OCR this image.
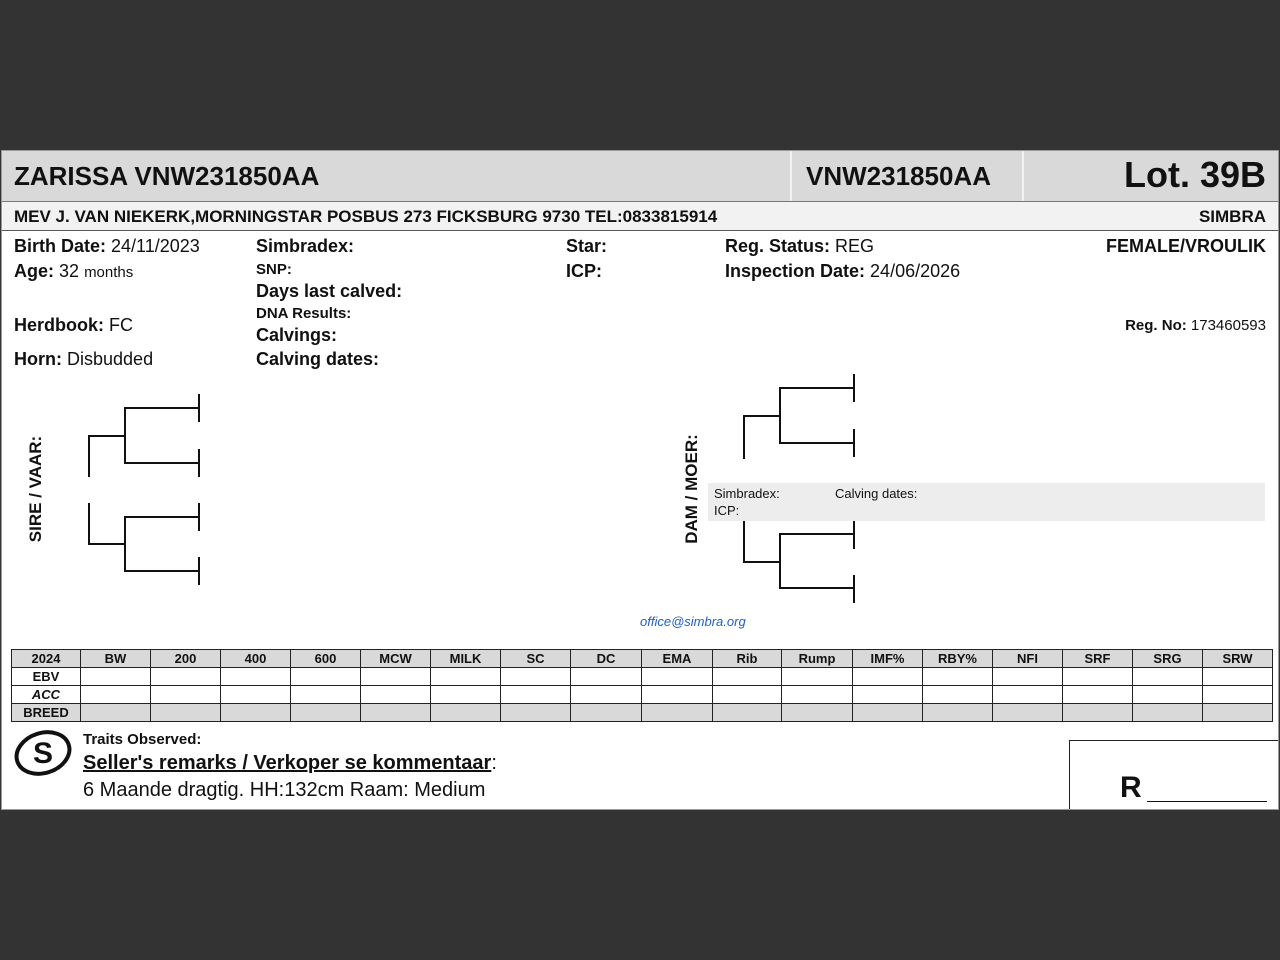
ZARISSA VNW231850AA	VNW231850AA	Lot. 39B
MEV J. VAN NIEKERK,MORNINGSTAR POSBUS 273 FICKSBURG 9730 TEL:0833815914	SIMBRA
Birth Date: 24/11/2023
Age: 32 months
Herdbook: FC
Horn: Disbudded
Simbradex:
SNP:
Days last calved:
DNA Results:
Calvings:
Calving dates:
Star:
ICP:
Reg. Status: REG
Inspection Date: 24/06/2026
FEMALE/VROULIK
Reg. No: 173460593
SIRE / VAAR:	DAM / MOER: Simbradex:	Calving dates:
ICP:
office@simbra.org
2024	BW	200	400	600	MCW	MILK	SC	DC	EMA	Rib	Rump	IMF%	RBY%	NFI	SRF	SRG	SRW
EBV																	
ACC																	
BREED																	
S Traits Observed:
Seller's remarks / Verkoper se kommentaar:
6 Maande dragtig. HH:132cm Raam: Medium	R
